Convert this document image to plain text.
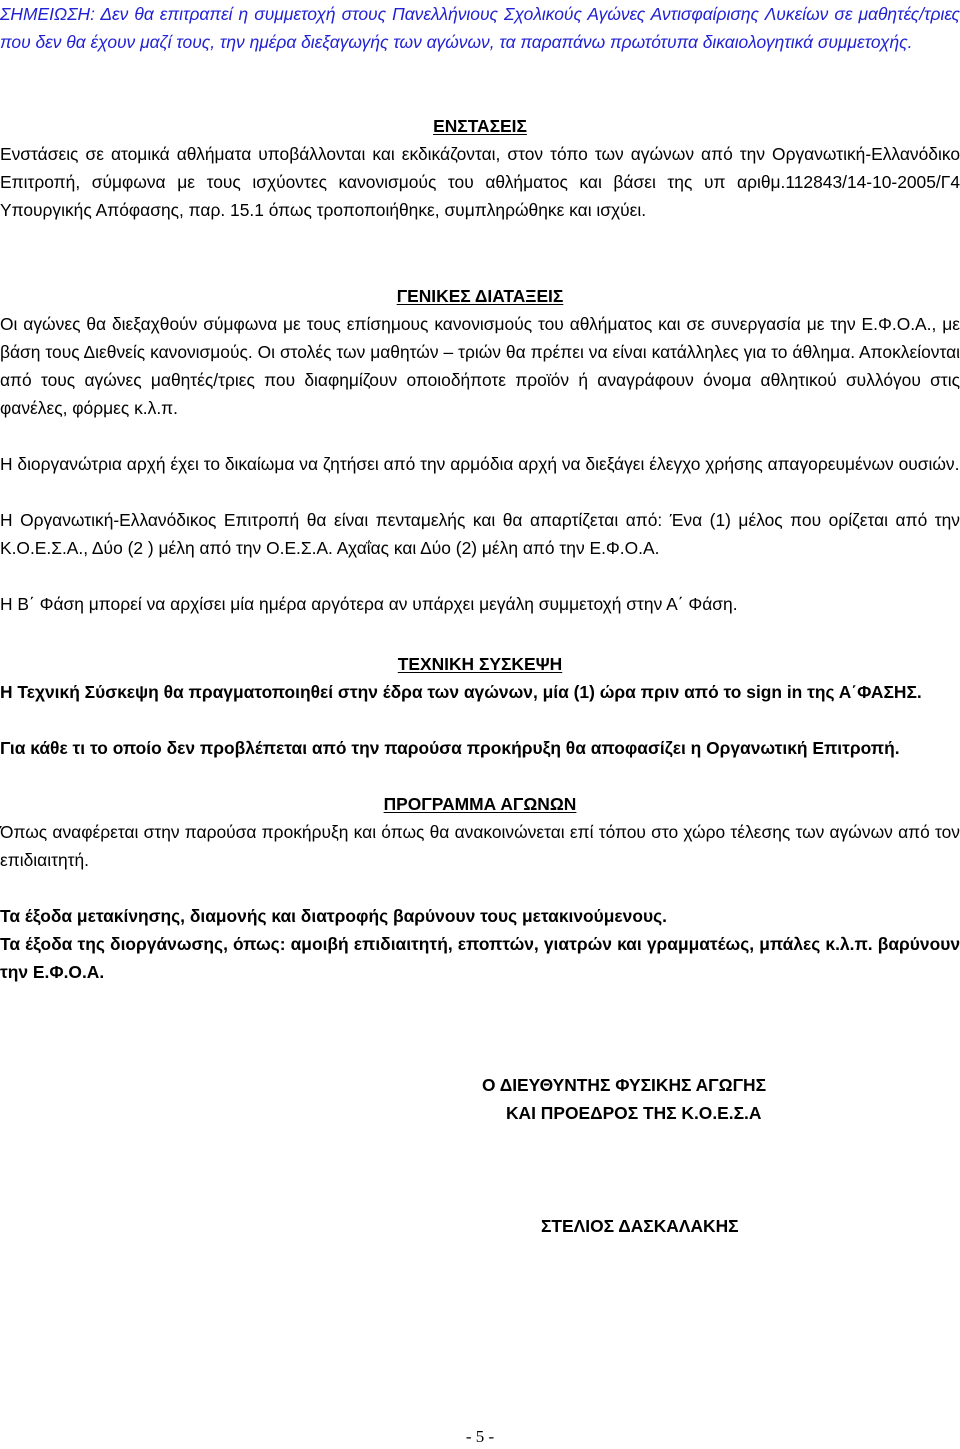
ΣΗΜΕΙΩΣΗ: Δεν θα επιτραπεί η συμμετοχή στους Πανελλήνιους Σχολικούς Αγώνες Αντισφαίρισης Λυκείων σε μαθητές/τριες που δεν θα έχουν μαζί τους, την ημέρα διεξαγωγής των αγώνων, τα παραπάνω πρωτότυπα δικαιολογητικά συμμετοχής.

ΕΝΣΤΑΣΕΙΣ

Ενστάσεις σε ατομικά αθλήματα υποβάλλονται και εκδικάζονται, στον τόπο των αγώνων από την Οργανωτική-Ελλανόδικο Επιτροπή, σύμφωνα με τους ισχύοντες κανονισμούς του αθλήματος και βάσει της υπ αριθμ.112843/14-10-2005/Γ4 Υπουργικής Απόφασης, παρ. 15.1 όπως τροποποιήθηκε, συμπληρώθηκε και ισχύει.

ΓΕΝΙΚΕΣ ΔΙΑΤΑΞΕΙΣ

Οι αγώνες θα διεξαχθούν σύμφωνα με τους επίσημους κανονισμούς του αθλήματος και σε συνεργασία με την Ε.Φ.Ο.Α., με βάση τους Διεθνείς κανονισμούς. Οι στολές των μαθητών – τριών θα πρέπει να είναι κατάλληλες για το άθλημα. Αποκλείονται από τους αγώνες μαθητές/τριες που διαφημίζουν οποιοδήποτε προϊόν ή αναγράφουν όνομα αθλητικού συλλόγου στις φανέλες, φόρμες κ.λ.π.

Η διοργανώτρια αρχή έχει το δικαίωμα να ζητήσει από την αρμόδια αρχή να διεξάγει έλεγχο χρήσης απαγορευμένων ουσιών.

Η Οργανωτική-Ελλανόδικος Επιτροπή θα είναι πενταμελής και θα απαρτίζεται από: Ένα (1) μέλος που ορίζεται από την Κ.Ο.Ε.Σ.Α., Δύο (2 ) μέλη από την Ο.Ε.Σ.Α. Αχαΐας και Δύο (2) μέλη από την Ε.Φ.Ο.Α.

Η Β΄ Φάση μπορεί να αρχίσει μία ημέρα αργότερα αν υπάρχει μεγάλη συμμετοχή στην Α΄ Φάση.

ΤΕΧΝΙΚΗ ΣΥΣΚΕΨΗ

Η Τεχνική Σύσκεψη θα πραγματοποιηθεί στην έδρα των αγώνων, μία (1) ώρα πριν από το sign in της Α΄ΦΑΣΗΣ.

Για κάθε τι το οποίο δεν προβλέπεται από την παρούσα προκήρυξη θα αποφασίζει η Οργανωτική Επιτροπή.

ΠΡΟΓΡΑΜΜΑ ΑΓΩΝΩΝ

Όπως αναφέρεται στην παρούσα προκήρυξη και όπως θα ανακοινώνεται επί τόπου στο χώρο τέλεσης των αγώνων από τον επιδιαιτητή.

Τα έξοδα μετακίνησης, διαμονής και διατροφής βαρύνουν τους μετακινούμενους.

Τα έξοδα της διοργάνωσης, όπως: αμοιβή επιδιαιτητή, εποπτών, γιατρών και γραμματέως, μπάλες κ.λ.π. βαρύνουν την Ε.Φ.Ο.Α.

Ο ΔΙΕΥΘΥΝΤΗΣ ΦΥΣΙΚΗΣ ΑΓΩΓΗΣ
ΚΑΙ ΠΡΟΕΔΡΟΣ ΤΗΣ Κ.Ο.Ε.Σ.Α
ΣΤΕΛΙΟΣ ΔΑΣΚΑΛΑΚΗΣ
- 5 -
